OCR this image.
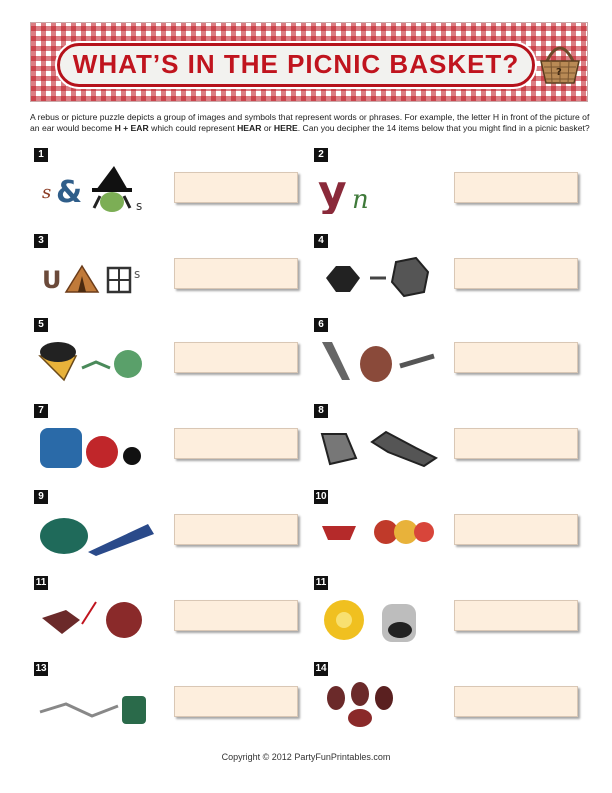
WHAT’S IN THE PICNIC BASKET?	?
A rebus or picture puzzle depicts a group of images and symbols that represent words or phrases. For example, the letter H in front of the picture of an ear would become H + EAR which could represent HEAR or HERE. Can you decipher the 14 items below that you might find in a picnic basket?
1
s &	s
2
y n
3
U	s
4
5	6
7	8
9	10
11	11
13	14
Copyright © 2012 PartyFunPrintables.com
